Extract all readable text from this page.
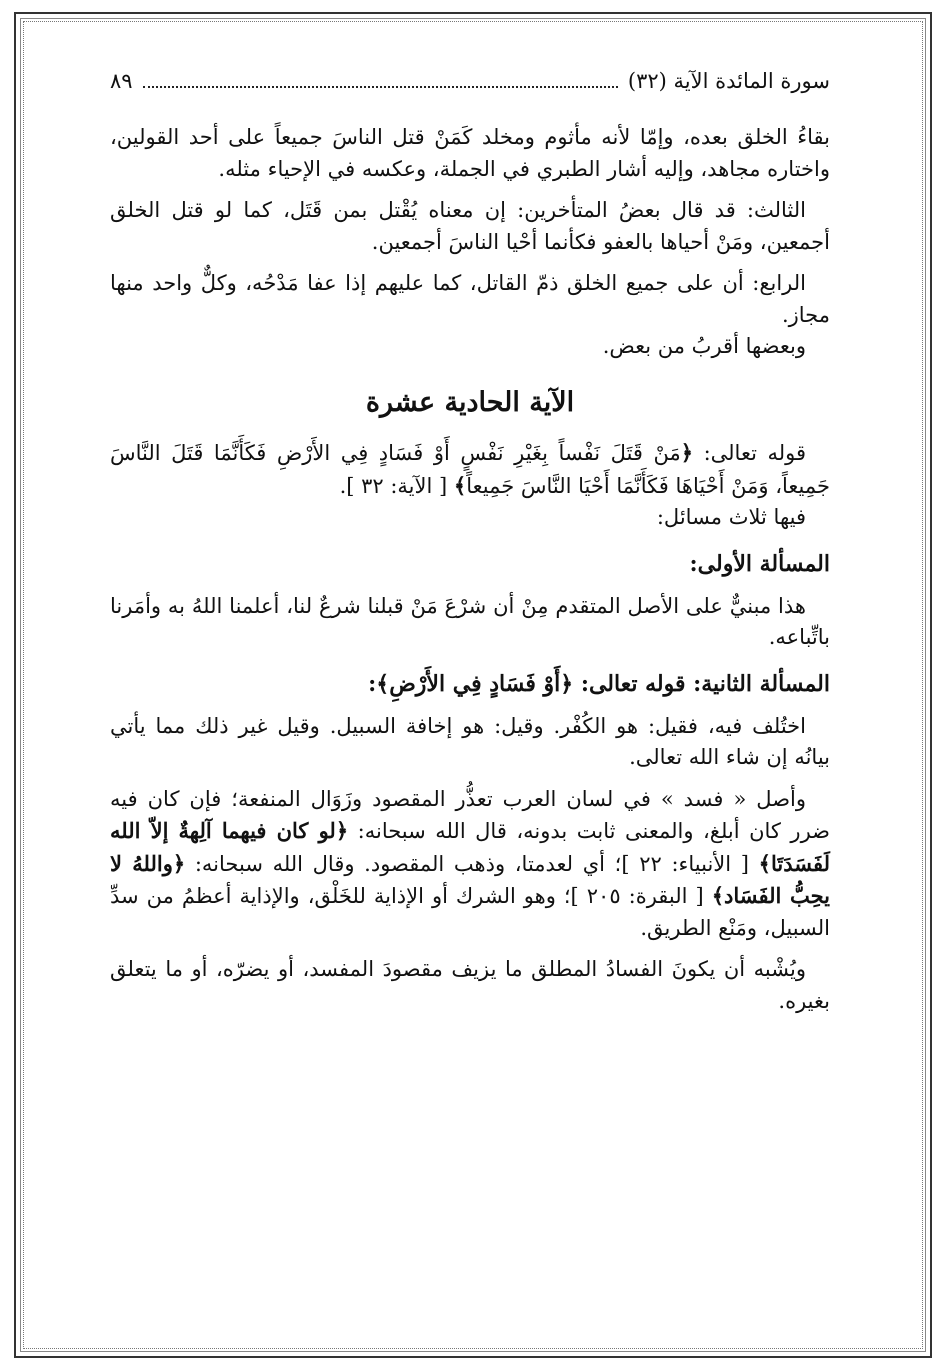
سورة المائدة الآية (٣٢)
٨٩

بقاءُ الخلق بعده، وإمّا لأنه مأثوم ومخلد كَمَنْ قتل الناسَ جميعاً على أحد القولين، واختاره مجاهد، وإليه أشار الطبري في الجملة، وعكسه في الإحياء مثله.

الثالث: قد قال بعضُ المتأخرين: إن معناه يُقْتل بمن قَتَل، كما لو قتل الخلق أجمعين، ومَنْ أحياها بالعفو فكأنما أحْيا الناسَ أجمعين.

الرابع: أن على جميع الخلق ذمّ القاتل، كما عليهم إذا عفا مَدْحُه، وكلٌّ واحد منها مجاز.

وبعضها أقربُ من بعض.

الآية الحادية عشرة

قوله تعالى: ﴿مَنْ قَتَلَ نَفْساً بِغَيْرِ نَفْسٍ أَوْ فَسَادٍ فِي الأَرْضِ فَكَأَنَّمَا قَتَلَ النَّاسَ جَمِيعاً، وَمَنْ أَحْيَاهَا فَكَأَنَّمَا أَحْيَا النَّاسَ جَمِيعاً﴾ [ الآية: ٣٢ ].

فيها ثلاث مسائل:

المسألة الأولى:

هذا مبنيٌّ على الأصل المتقدم مِنْ أن شرْعَ مَنْ قبلنا شرعٌ لنا، أعلمنا اللهُ به وأمَرنا باتِّباعه.

المسألة الثانية: قوله تعالى: ﴿أَوْ فَسَادٍ فِي الأَرْضِ﴾:

اختُلف فيه، فقيل: هو الكُفْر. وقيل: هو إخافة السبيل. وقيل غير ذلك مما يأتي بيانُه إن شاء الله تعالى.

وأصل « فسد » في لسان العرب تعذُّر المقصود وزَوَال المنفعة؛ فإن كان فيه ضرر كان أبلغ، والمعنى ثابت بدونه، قال الله سبحانه: ﴿لو كان فيهما آلِهةٌ إلاّ الله لَفَسَدَتَا﴾ [ الأنبياء: ٢٢ ]؛ أي لعدمتا، وذهب المقصود. وقال الله سبحانه: ﴿واللهُ لا يحِبُّ الفَسَاد﴾ [ البقرة: ٢٠٥ ]؛ وهو الشرك أو الإذاية للخَلْق، والإذاية أعظمُ من سدِّ السبيل، ومَنْع الطريق.

ويُشْبه أن يكونَ الفسادُ المطلق ما يزيف مقصودَ المفسد، أو يضرّه، أو ما يتعلق بغيره.
